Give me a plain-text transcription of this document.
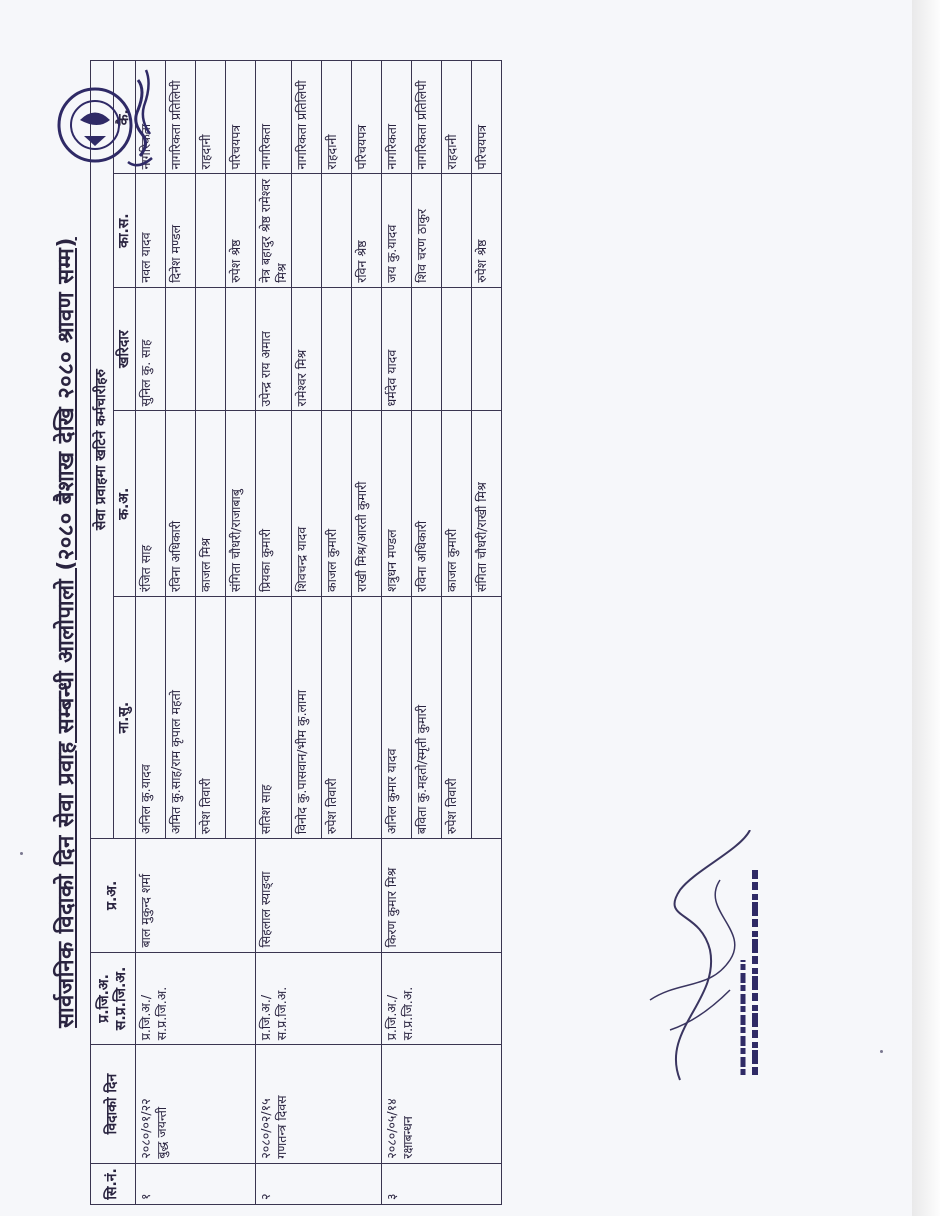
सार्वजनिक विदाको दिन सेवा प्रवाह सम्बन्धी आलोपालो (२०८० बैशाख देखि २०८० श्रावण सम्म)
सि.नं.	विदाको दिन	प्र.जि.अ. स.प्र.जि.अ.	प्र.अ.	सेवा प्रवाहमा खटिने कर्मचारीहरु				
				ना.सु.	क.अ.	खरिदार	का.स.	कै.
१	२०८०/०१/२२ बुद्ध जयन्ती	प्र.जि.अ./ स.प्र.जि.अ.	बाल मुकुन्द शर्मा	अनिल कु.यादव	रंजित साह	सुनिल कु. साह	नवल यादव	नागरिकता
				अमित कु.साह/राम कृपाल महतो	रविना अधिकारी		दिनेश मण्डल	नागरिकता प्रतिलिपी
				रुपेश तिवारी	काजल मिश्र			राहदानी
					संगिता चौधरी/राजाबाबु		रुपेश श्रेष्ठ	परिचयपत्र
२	२०८०/०२/१५ गणतन्त्र दिवस	प्र.जि.अ./ स.प्र.जि.अ.	सिहलाल स्याङ्वा	सतिश साह	प्रियका कुमारी	उपेन्द्र राय अमात	नेत्र बहादुर श्रेष्ठ रामेश्वर मिश्र	नागरिकता
				विनोद कु.पासवान/भीम कु.लामा	शिवचन्द्र यादव	रामेश्वर मिश्र		नागरिकता प्रतिलिपी
				रुपेश तिवारी	काजल कुमारी			राहदानी
					राखी मिश्र/आरती कुमारी		रविन श्रेष्ठ	परिचयपत्र
३	२०८०/०५/१४ रक्षाबन्धन	प्र.जि.अ./ स.प्र.जि.अ.	किरण कुमार मिश्र	अनिल कुमार यादव	शत्रुधन मण्डल	धर्मदेव यादव	जय कु.यादव	नागरिकता
				बविता कु.महतो/स्मृती कुमारी	रविना अधिकारी		शिव चरण ठाकुर	नागरिकता प्रतिलिपी
				रुपेश तिवारी	काजल कुमारी			राहदानी
					संगिता चौधरी/राखी मिश्र		रुपेश श्रेष्ठ	परिचयपत्र
